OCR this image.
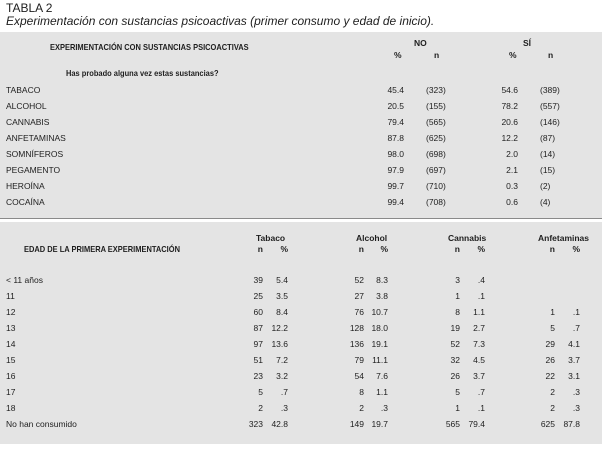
TABLA 2
Experimentación con sustancias psicoactivas (primer consumo y edad de inicio).
EXPERIMENTACIÓN CON SUSTANCIAS PSICOACTIVAS	NO	SÍ
%	n	%	n
Has probado alguna vez estas sustancias?
TABACO	45.4	(323)	54.6	(389)
ALCOHOL	20.5	(155)	78.2	(557)
CANNABIS	79.4	(565)	20.6	(146)
ANFETAMINAS	87.8	(625)	12.2	(87)
SOMNÍFEROS	98.0	(698)	2.0	(14)
PEGAMENTO	97.9	(697)	2.1	(15)
HEROÍNA	99.7	(710)	0.3	(2)
COCAÍNA	99.4	(708)	0.6	(4)
EDAD DE LA PRIMERA EXPERIMENTACIÓN
Tabaco	Alcohol	Cannabis	Anfetaminas
n	%	n	%	n	%	n	%
< 11 años	39	5.4	52	8.3	3	.4
11	25	3.5	27	3.8	1	.1
12	60	8.4	76 10.7	8	1.1	1	.1
13	87 12.2	128 18.0	19	2.7	5	.7
14	97 13.6	136 19.1	52	7.3	29	4.1
15	51	7.2	79 11.1	32	4.5	26	3.7
16	23	3.2	54	7.6	26	3.7	22	3.1
17	5	.7	8	1.1	5	.7	2	.3
18	2	.3	2	.3	1	.1	2	.3
No han consumido	323 42.8	149 19.7	565 79.4	625 87.8
